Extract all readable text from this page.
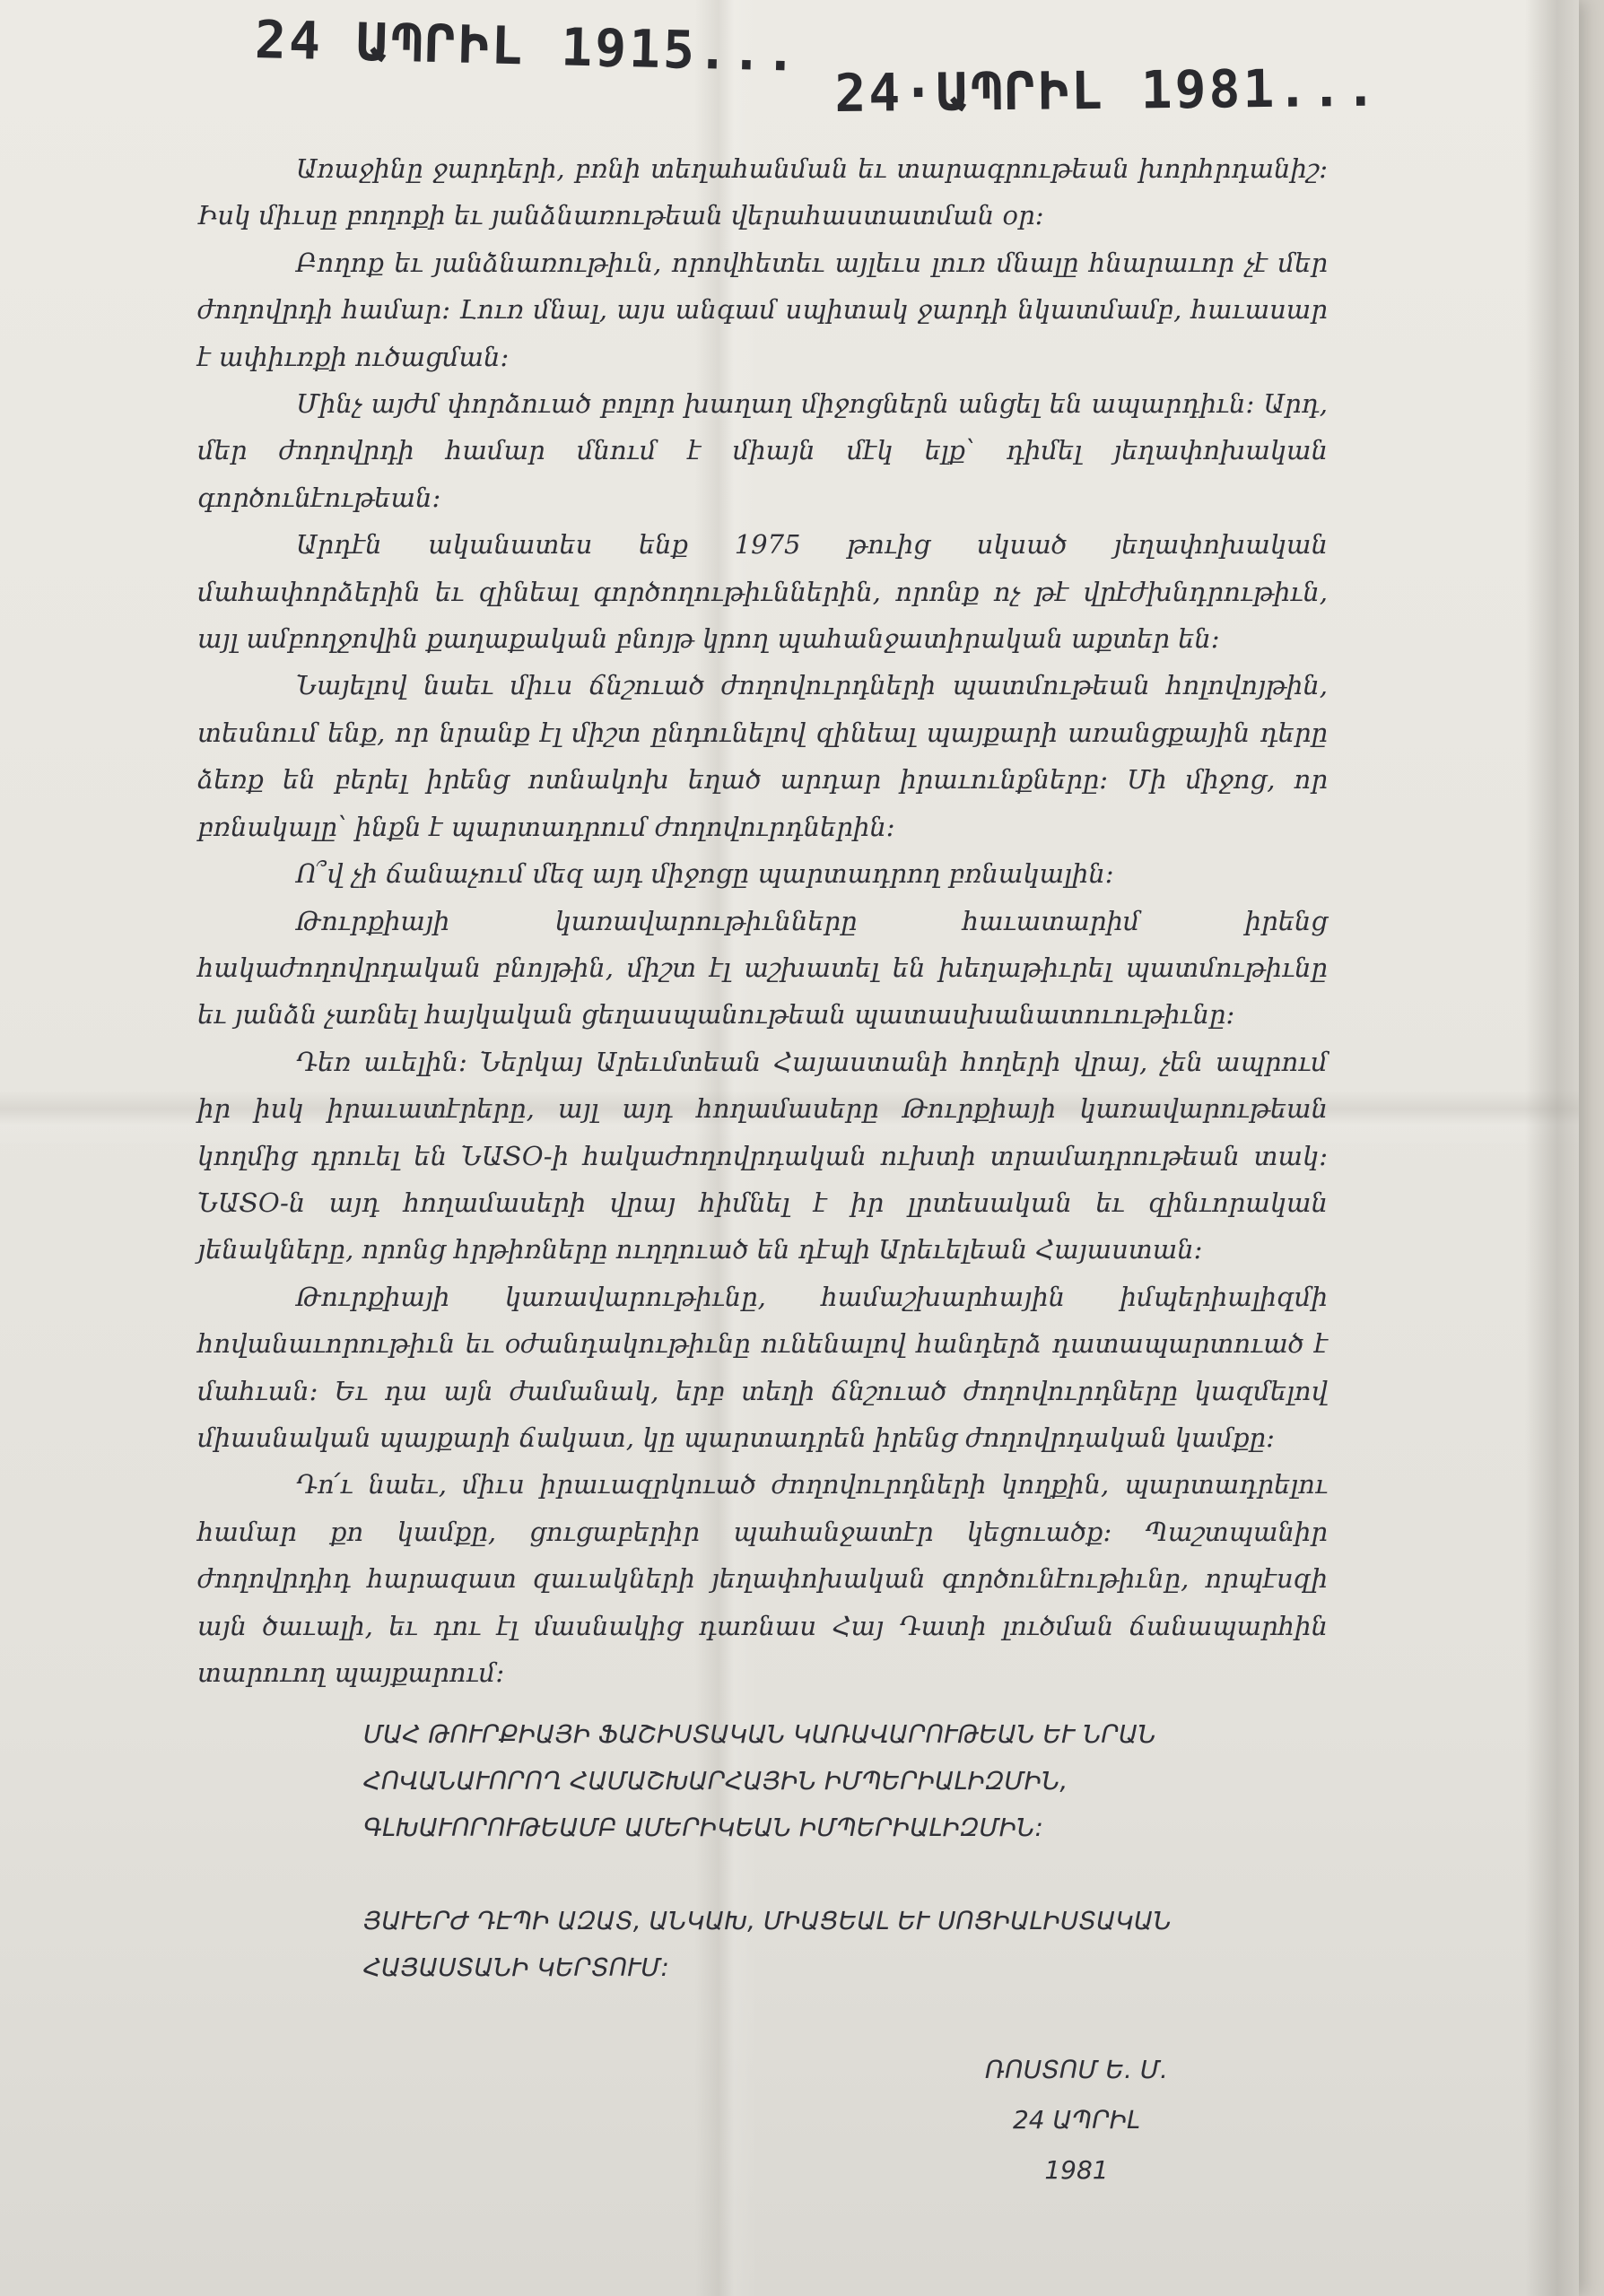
24 ԱՊՐԻԼ 1915...
24·ԱՊՐԻԼ 1981...

Առաջինը ջարդերի, բռնի տեղահանման եւ տարագրութեան խորհրդանիշ: Իսկ միւսը բողոքի եւ յանձնառութեան վերահաստատման օր:

Բողոք եւ յանձնառութիւն, որովհետեւ այլեւս լուռ մնալը հնարաւոր չէ մեր ժողովրդի համար: Լուռ մնալ, այս անգամ սպիտակ ջարդի նկատմամբ, հաւասար է ափիւռքի ուծացման:

Մինչ այժմ փորձուած բոլոր խաղաղ միջոցներն անցել են ապարդիւն: Արդ, մեր ժողովրդի համար մնում է միայն մէկ ելք՝ դիմել յեղափոխական գործունէութեան:

Արդէն ականատես ենք 1975 թուից սկսած յեղափոխական մահափորձերին եւ զինեալ գործողութիւններին, որոնք ոչ թէ վրէժխնդրութիւն, այլ ամբողջովին քաղաքական բնոյթ կրող պահանջատիրական աքտեր են:

Նայելով նաեւ միւս ճնշուած ժողովուրդների պատմութեան հոլովոյթին, տեսնում ենք, որ նրանք էլ միշտ ընդունելով զինեալ պայքարի առանցքային դերը ձեռք են բերել իրենց ոտնակոխ եղած արդար իրաւունքները: Մի միջոց, որ բռնակալը՝ ինքն է պարտադրում ժողովուրդներին:

Ո՞վ չի ճանաչում մեզ այդ միջոցը պարտադրող բռնակալին:

Թուրքիայի կառավարութիւնները հաւատարիմ իրենց հակաժողովրդական բնոյթին, միշտ էլ աշխատել են խեղաթիւրել պատմութիւնը եւ յանձն չառնել հայկական ցեղասպանութեան պատասխանատուութիւնը:

Դեռ աւելին: Ներկայ Արեւմտեան Հայաստանի հողերի վրայ, չեն ապրում իր իսկ իրաւատէրերը, այլ այդ հողամասերը Թուրքիայի կառավարութեան կողմից դրուել են ՆԱՏՕ-ի հակաժողովրդական ուխտի տրամադրութեան տակ: ՆԱՏՕ-ն այդ հողամասերի վրայ հիմնել է իր լրտեսական եւ զինւորական յենակները, որոնց հրթիռները ուղղուած են դէպի Արեւելեան Հայաստան:

Թուրքիայի կառավարութիւնը, համաշխարհային իմպերիալիզմի հովանաւորութիւն եւ օժանդակութիւնը ունենալով հանդերձ դատապարտուած է մահւան: Եւ դա այն ժամանակ, երբ տեղի ճնշուած ժողովուրդները կազմելով միասնական պայքարի ճակատ, կը պարտադրեն իրենց ժողովրդական կամքը:

Դո՛ւ նաեւ, միւս իրաւազրկուած ժողովուրդների կողքին, պարտադրելու համար քո կամքը, ցուցաբերիր պահանջատէր կեցուածք: Պաշտպանիր ժողովրդիդ հարազատ զաւակների յեղափոխական գործունէութիւնը, որպէսզի այն ծաւալի, եւ դու էլ մասնակից դառնաս Հայ Դատի լուծման ճանապարհին տարուող պայքարում:

ՄԱՀ ԹՈՒՐՔԻԱՅԻ ՖԱՇԻՍՏԱԿԱՆ ԿԱՌԱՎԱՐՈՒԹԵԱՆ ԵՒ ՆՐԱՆ ՀՈՎԱՆԱՒՈՐՈՂ ՀԱՄԱՇԽԱՐՀԱՅԻՆ ԻՄՊԵՐԻԱԼԻԶՄԻՆ, ԳԼԽԱՒՈՐՈՒԹԵԱՄԲ ԱՄԵՐԻԿԵԱՆ ԻՄՊԵՐԻԱԼԻԶՄԻՆ:

ՅԱՒԵՐԺ ԴԷՊԻ ԱԶԱՏ, ԱՆԿԱԽ, ՄԻԱՑԵԱԼ ԵՒ ՍՈՑԻԱԼԻՍՏԱԿԱՆ ՀԱՅԱՍՏԱՆԻ ԿԵՐՏՈՒՄ:

ՌՈՍՏՈՄ Ե. Մ.
24 ԱՊՐԻԼ
1981
